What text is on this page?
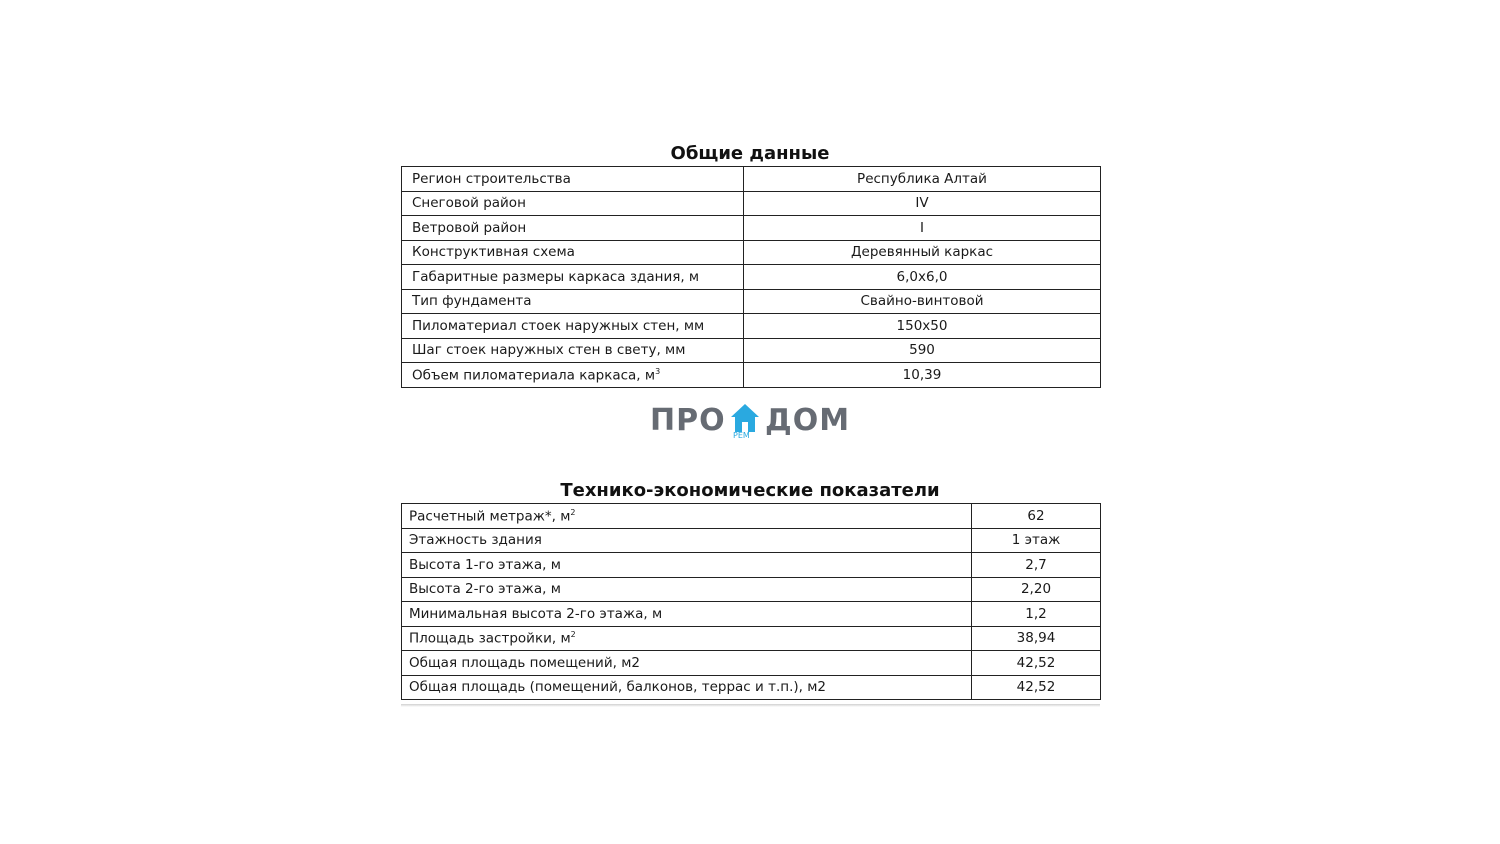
Общие данные
Регион строительства	Республика Алтай
Снеговой район	IV
Ветровой район	I
Конструктивная схема	Деревянный каркас
Габаритные размеры каркаса здания, м	6,0х6,0
Тип фундамента	Свайно-винтовой
Пиломатериал стоек наружных стен, мм	150х50
Шаг стоек наружных стен в свету, мм	590
Объем пиломатериала каркаса, $м^3$	10,39
ПРО РЕМ ДОМ
Технико-экономические показатели
Расчетный метраж*, $м^2$	62
Этажность здания	1 этаж
Высота 1-го этажа, м	2,7
Высота 2-го этажа, м	2,20
Минимальная высота 2-го этажа, м	1,2
Площадь застройки, $м^2$	38,94
Общая площадь помещений, м2	42,52
Общая площадь (помещений, балконов, террас и т.п.), м2	42,52
